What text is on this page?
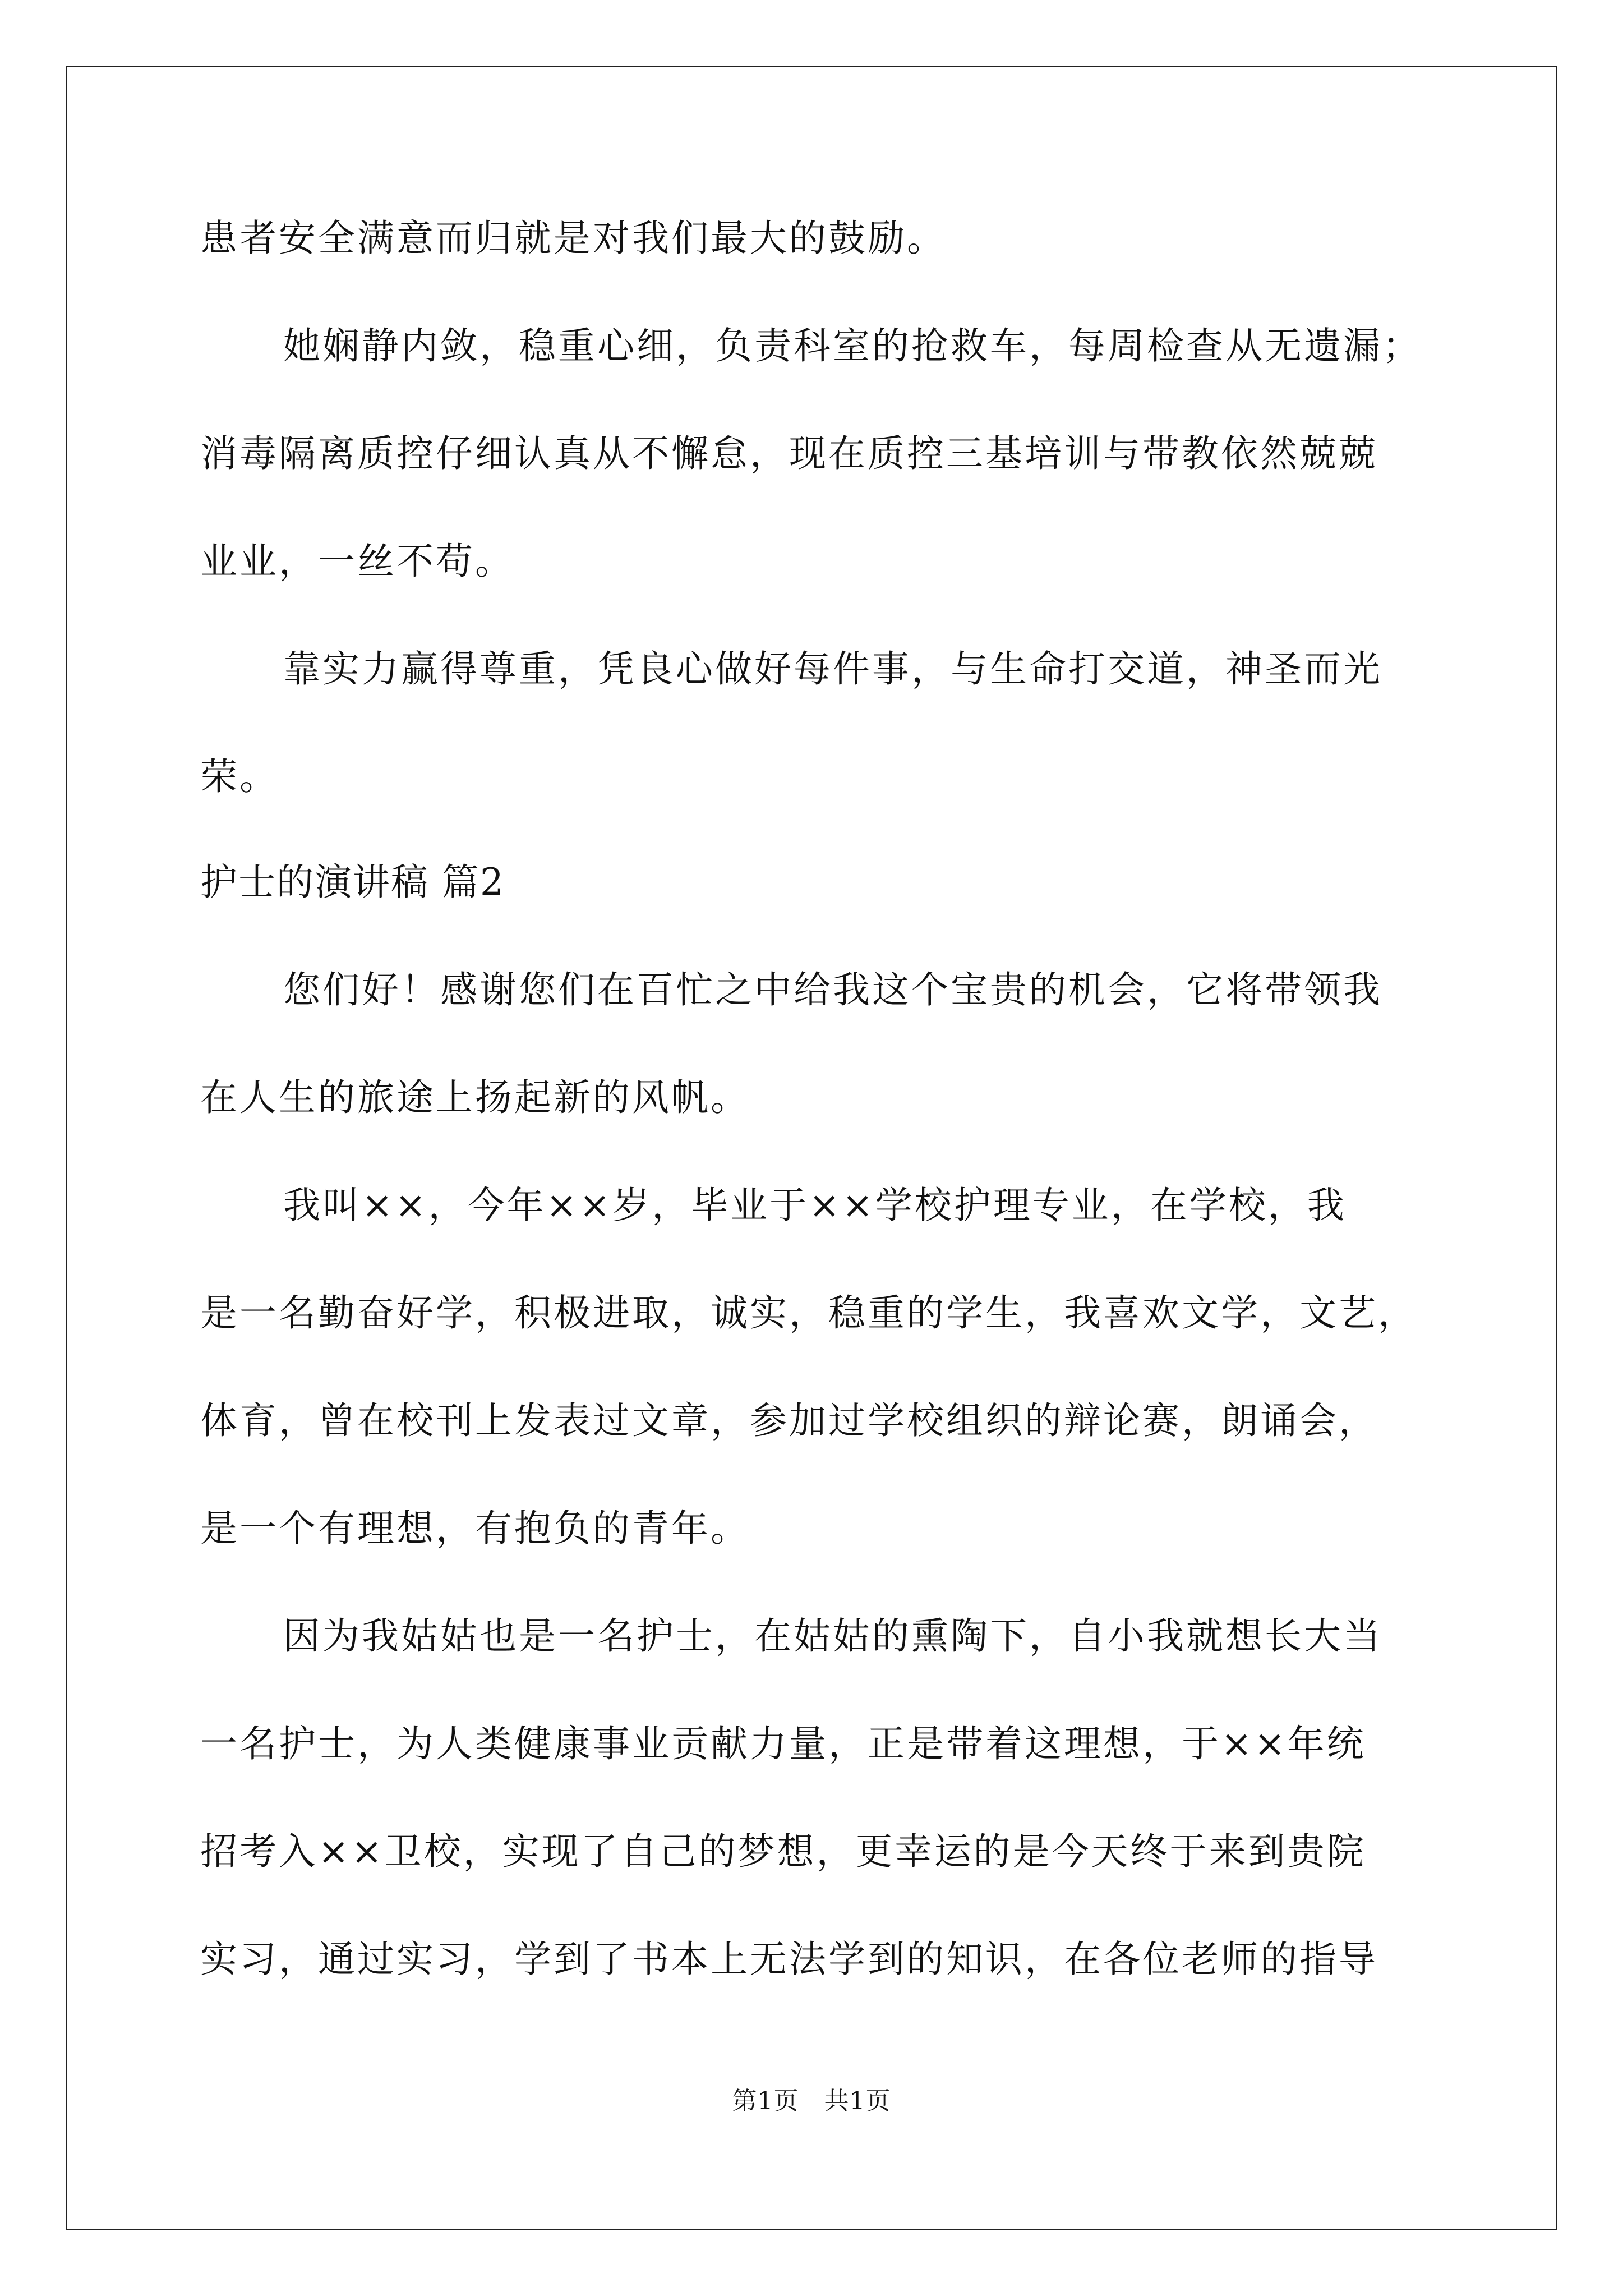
患者安全满意而归就是对我们最大的鼓励。
她娴静内敛，稳重心细，负责科室的抢救车，每周检查从无遗漏；
消毒隔离质控仔细认真从不懈怠，现在质控三基培训与带教依然兢兢
业业，一丝不苟。
靠实力赢得尊重，凭良心做好每件事，与生命打交道，神圣而光
荣。
护士的演讲稿 篇2
您们好！感谢您们在百忙之中给我这个宝贵的机会，它将带领我
在人生的旅途上扬起新的风帆。
我叫××，今年××岁，毕业于××学校护理专业，在学校，我
是一名勤奋好学，积极进取，诚实，稳重的学生，我喜欢文学，文艺，
体育，曾在校刊上发表过文章，参加过学校组织的辩论赛，朗诵会，
是一个有理想，有抱负的青年。
因为我姑姑也是一名护士，在姑姑的熏陶下，自小我就想长大当
一名护士，为人类健康事业贡献力量，正是带着这理想，于××年统
招考入××卫校，实现了自己的梦想，更幸运的是今天终于来到贵院
实习，通过实习，学到了书本上无法学到的知识，在各位老师的指导
第1页　共1页
